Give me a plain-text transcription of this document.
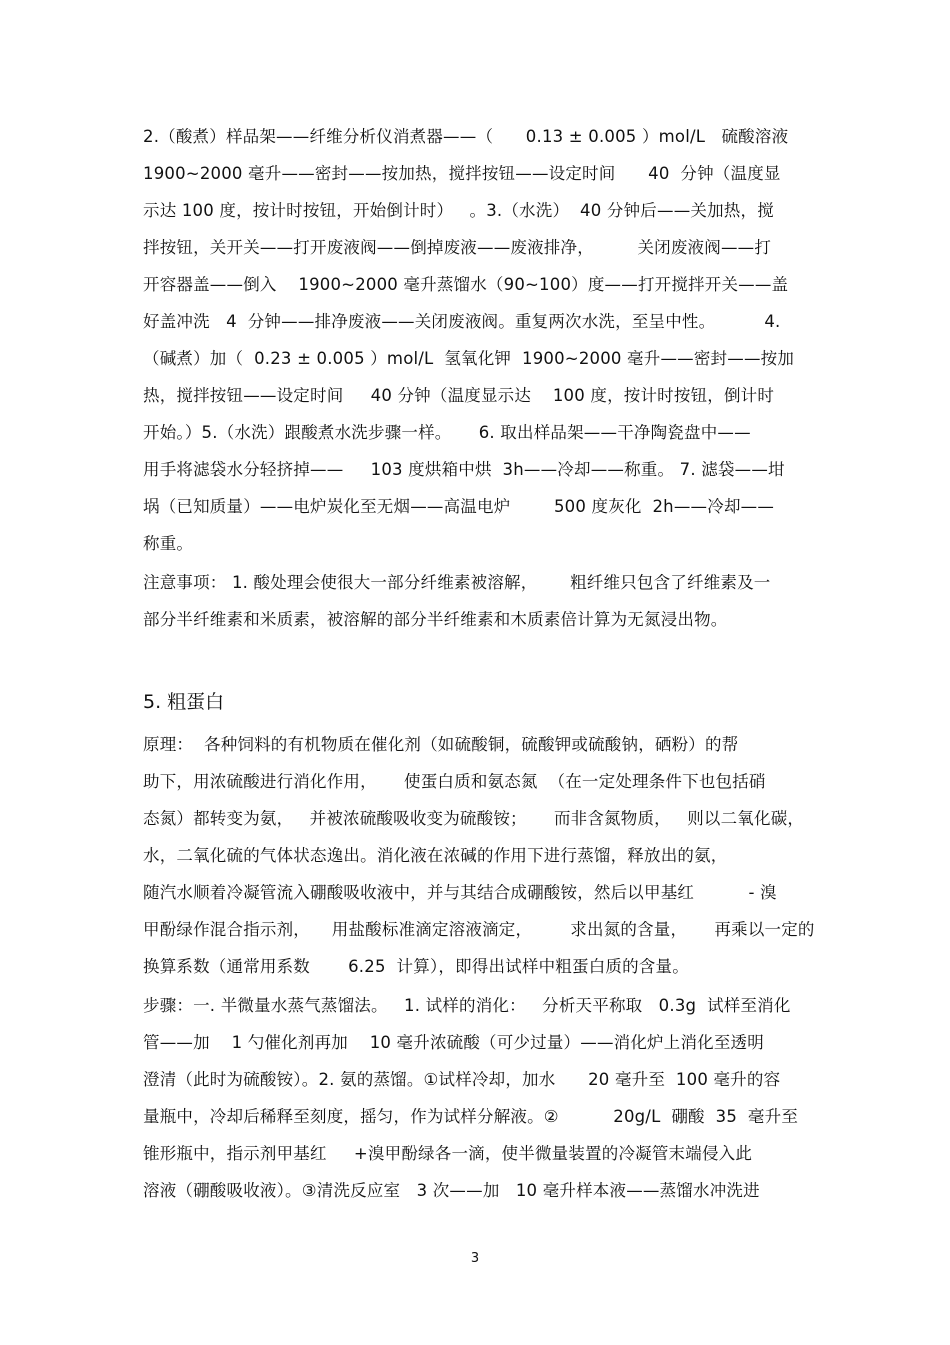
2.（酸煮）样品架——纤维分析仪消煮器——（      0.13 ± 0.005 ）mol/L   硫酸溶液
1900~2000 毫升——密封——按加热，搅拌按钮——设定时间      40  分钟（温度显
示达 100 度，按计时按钮，开始倒计时）   。3.（水洗）  40 分钟后——关加热，搅
拌按钮，关开关——打开废液阀——倒掉废液——废液排净，        关闭废液阀——打
开容器盖——倒入    1900~2000 毫升蒸馏水（90~100）度——打开搅拌开关——盖
好盖冲洗   4  分钟——排净废液——关闭废液阀。重复两次水洗，至呈中性。         4.
（碱煮）加（  0.23 ± 0.005 ）mol/L  氢氧化钾  1900~2000 毫升——密封——按加
热，搅拌按钮——设定时间     40 分钟（温度显示达    100 度，按计时按钮，倒计时
开始。）5.（水洗）跟酸煮水洗步骤一样。     6. 取出样品架——干净陶瓷盘中——
用手将滤袋水分轻挤掉——     103 度烘箱中烘  3h——冷却——称重。 7. 滤袋——坩
埚（已知质量）——电炉炭化至无烟——高温电炉        500 度灰化  2h——冷却——
称重。
注意事项： 1. 酸处理会使很大一部分纤维素被溶解，      粗纤维只包含了纤维素及一
部分半纤维素和米质素，被溶解的部分半纤维素和木质素倍计算为无氮浸出物。
5. 粗蛋白
原理：  各种饲料的有机物质在催化剂（如硫酸铜，硫酸钾或硫酸钠，硒粉）的帮
助下，用浓硫酸进行消化作用，     使蛋白质和氨态氮  （在一定处理条件下也包括硝
态氮）都转变为氨，   并被浓硫酸吸收变为硫酸铵；     而非含氮物质，   则以二氧化碳，
水，二氧化硫的气体状态逸出。消化液在浓碱的作用下进行蒸馏，释放出的氨，
随汽水顺着冷凝管流入硼酸吸收液中，并与其结合成硼酸铵，然后以甲基红          - 溴
甲酚绿作混合指示剂，    用盐酸标准滴定溶液滴定，       求出氮的含量，     再乘以一定的
换算系数（通常用系数       6.25  计算），即得出试样中粗蛋白质的含量。
步骤：一. 半微量水蒸气蒸馏法。   1. 试样的消化：   分析天平称取   0.3g  试样至消化
管——加    1 勺催化剂再加    10 毫升浓硫酸（可少过量）——消化炉上消化至透明
澄清（此时为硫酸铵）。2. 氨的蒸馏。①试样冷却，加水      20 毫升至  100 毫升的容
量瓶中，冷却后稀释至刻度，摇匀，作为试样分解液。②          20g/L  硼酸  35  毫升至
锥形瓶中，指示剂甲基红     +溴甲酚绿各一滴，使半微量装置的冷凝管末端侵入此
溶液（硼酸吸收液）。③清洗反应室   3 次——加   10 毫升样本液——蒸馏水冲洗进
3
